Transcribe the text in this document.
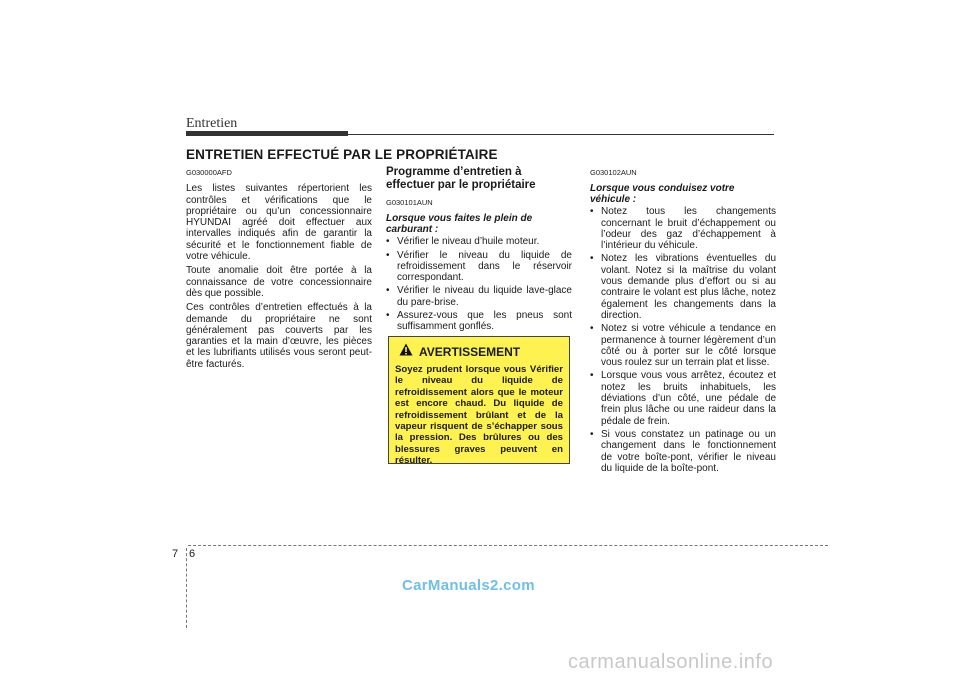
Entretien
ENTRETIEN EFFECTUÉ PAR LE PROPRIÉTAIRE
G030000AFD

Les listes suivantes répertorient les contrôles et vérifications que le propriétaire ou qu’un concessionnaire HYUNDAI agréé doit effectuer aux intervalles indiqués afin de garantir la sécurité et le fonctionnement fiable de votre véhicule.

Toute anomalie doit être portée à la connaissance de votre concessionnaire dès que possible.

Ces contrôles d’entretien effectués à la demande du propriétaire ne sont généralement pas couverts par les garanties et la main d’œuvre, les pièces et les lubrifiants utilisés vous seront peut-être facturés.

Programme d’entretien à effectuer par le propriétaire
G030101AUN
Lorsque vous faites le plein de carburant :
• Vérifier le niveau d’huile moteur.
• Vérifier le niveau du liquide de refroidissement dans le réservoir correspondant.
• Vérifier le niveau du liquide lave-glace du pare-brise.
• Assurez-vous que les pneus sont suffisamment gonflés.
AVERTISSEMENT
Soyez prudent lorsque vous Vérifier le niveau du liquide de refroidissement alors que le moteur est encore chaud. Du liquide de refroidissement brûlant et de la vapeur risquent de s’échapper sous la pression. Des brûlures ou des blessures graves peuvent en résulter.
G030102AUN
Lorsque vous conduisez votre véhicule :
• Notez tous les changements concernant le bruit d’échappement ou l’odeur des gaz d’échappement à l’intérieur du véhicule.
• Notez les vibrations éventuelles du volant. Notez si la maîtrise du volant vous demande plus d’effort ou si au contraire le volant est plus lâche, notez également les changements dans la direction.
• Notez si votre véhicule a tendance en permanence à tourner légèrement d’un côté ou à porter sur le côté lorsque vous roulez sur un terrain plat et lisse.
• Lorsque vous vous arrêtez, écoutez et notez les bruits inhabituels, les déviations d’un côté, une pédale de frein plus lâche ou une raideur dans la pédale de frein.
• Si vous constatez un patinage ou un changement dans le fonctionnement de votre boîte-pont, vérifier le niveau du liquide de la boîte-pont.
7 6
CarManuals2.com
carmanualsonline.info
